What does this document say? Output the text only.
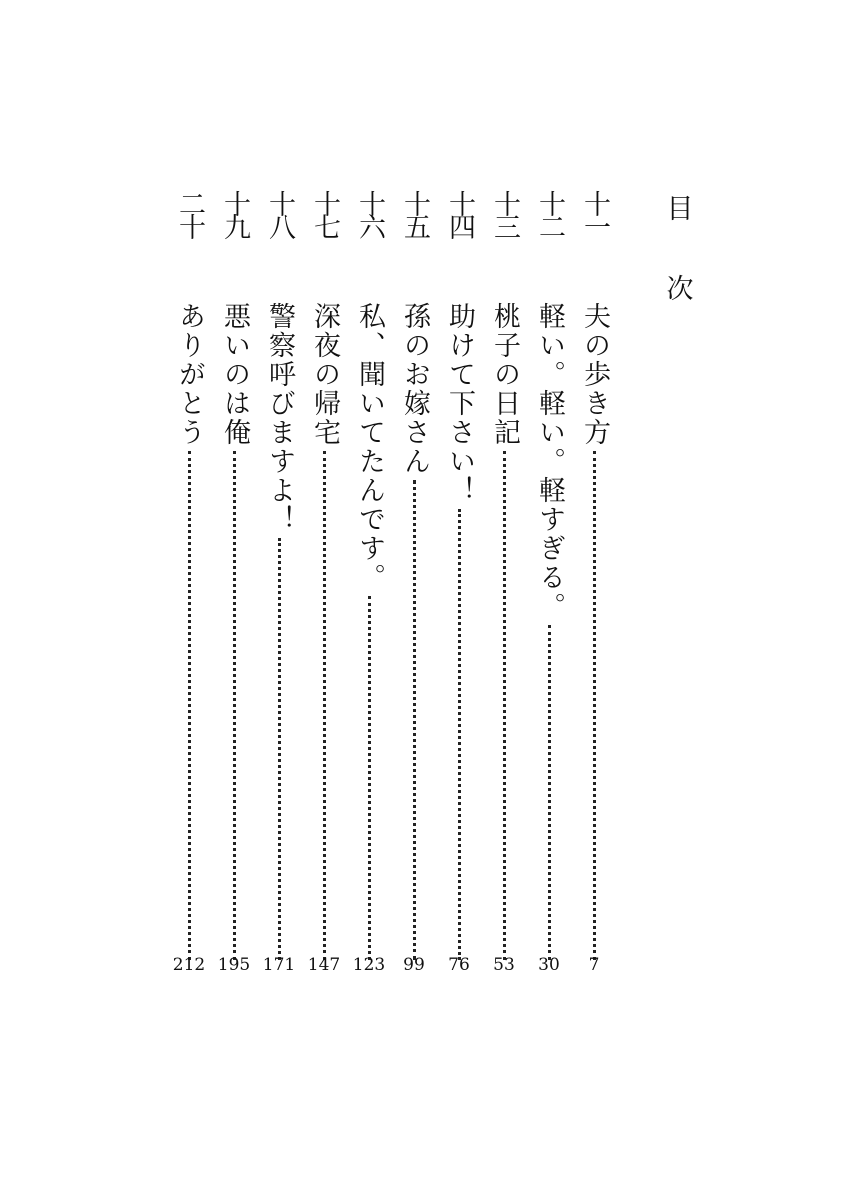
目
次
十一
夫の歩き方
7
十二
軽い。軽い。軽すぎる。
30
十三
桃子の日記
53
十四
助けて下さい！
76
十五
孫のお嫁さん
99
十六
私、聞いてたんです。
123
十七
深夜の帰宅
147
十八
警察呼びますよ！
171
十九
悪いのは俺
195
二十
ありがとう
212
